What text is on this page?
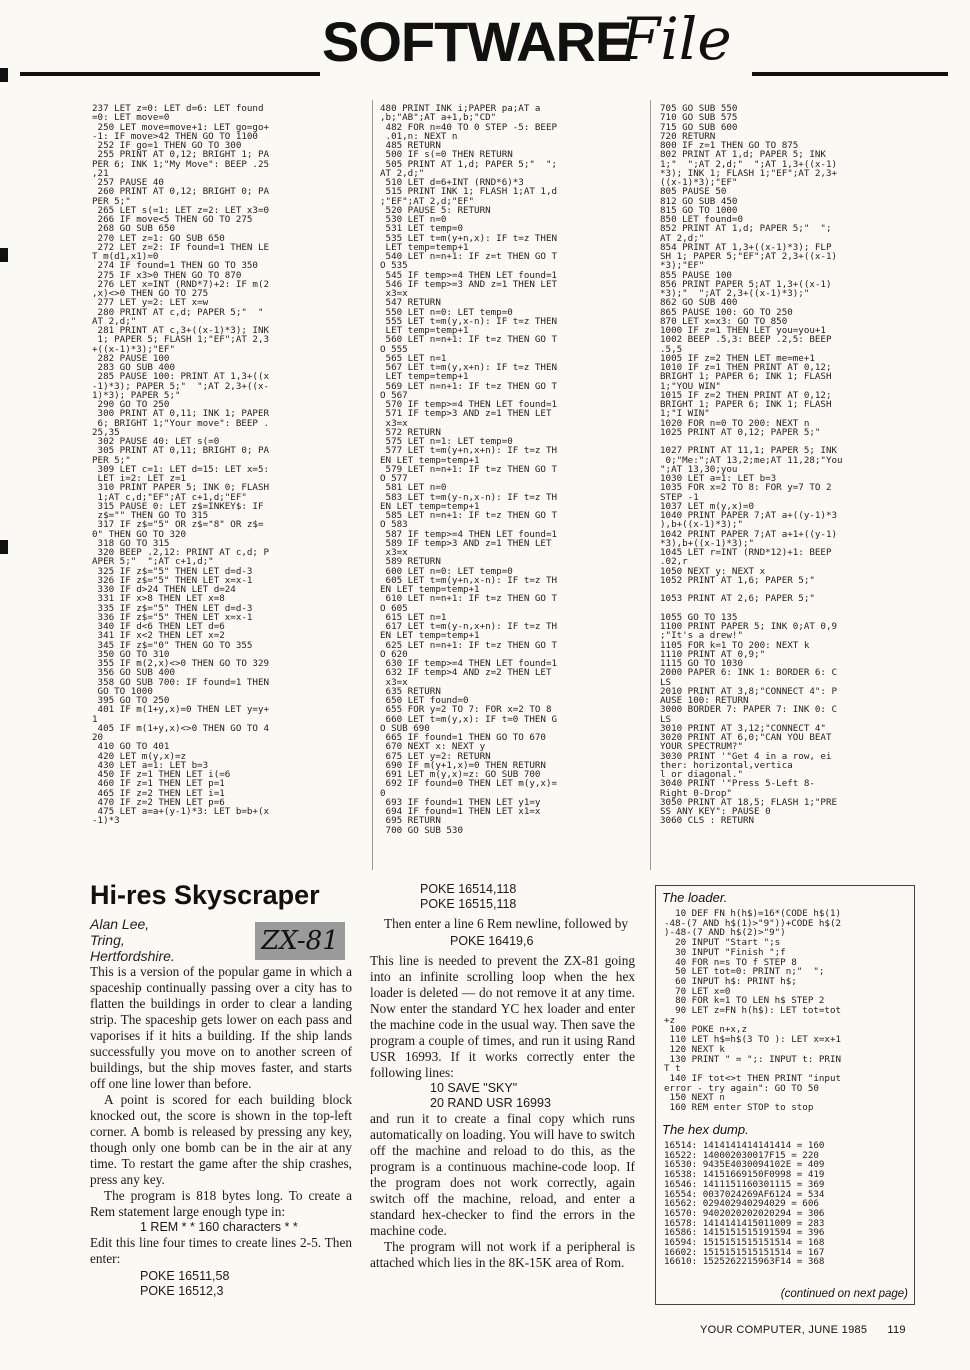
SOFTWARE
File
237 LET z=0: LET d=6: LET found
=0: LET move=0
250 LET move=move+1: LET go=go+
-1: IF move>42 THEN GO TO 1100
252 IF go=1 THEN GO TO 300
255 PRINT AT 0,12; BRIGHT 1; PA
PER 6; INK 1;"My Move": BEEP .25
,21
257 PAUSE 40
260 PRINT AT 0,12; BRIGHT 0; PA
PER 5;"
265 LET s(=1: LET z=2: LET x3=0
266 IF move<5 THEN GO TO 275
268 GO SUB 650
270 LET z=1: GO SUB 650
272 LET z=2: IF found=1 THEN LE
T m(d1,x1)=0
274 IF found=1 THEN GO TO 350
275 IF x3>0 THEN GO TO 870
276 LET x=INT (RND*7)+2: IF m(2
,x)<>0 THEN GO TO 275
277 LET y=2: LET x=w
280 PRINT AT c,d; PAPER 5;"  "
AT 2,d;"
281 PRINT AT c,3+((x-1)*3); INK
1; PAPER 5; FLASH 1;"EF";AT 2,3
+((x-1)*3);"EF"
282 PAUSE 100
283 GO SUB 400
285 PAUSE 100: PRINT AT 1,3+((x
-1)*3); PAPER 5;"  ";AT 2,3+((x-
1)*3); PAPER 5;"
290 GO TO 250
300 PRINT AT 0,11; INK 1; PAPER
6; BRIGHT 1;"Your move": BEEP .
25,35
302 PAUSE 40: LET s(=0
305 PRINT AT 0,11; BRIGHT 0; PA
PER 5;"
309 LET c=1: LET d=15: LET x=5:
LET i=2: LET z=1
310 PRINT PAPER 5; INK 0; FLASH
1;AT c,d;"EF";AT c+1,d;"EF"
315 PAUSE 0: LET z$=INKEY$: IF
z$="" THEN GO TO 315
317 IF z$="5" OR z$="8" OR z$=
0" THEN GO TO 320
318 GO TO 315
320 BEEP .2,12: PRINT AT c,d; P
APER 5;"  ";AT c+1,d;"
325 IF z$="5" THEN LET d=d-3
326 IF z$="5" THEN LET x=x-1
330 IF d>24 THEN LET d=24
331 IF x>8 THEN LET x=8
335 IF z$="5" THEN LET d=d-3
336 IF z$="5" THEN LET x=x-1
340 IF d<6 THEN LET d=6
341 IF x<2 THEN LET x=2
345 IF z$="0" THEN GO TO 355
350 GO TO 310
355 IF m(2,x)<>0 THEN GO TO 329
356 GO SUB 400
358 GO SUB 700: IF found=1 THEN
GO TO 1000
395 GO TO 250
401 IF m(1+y,x)=0 THEN LET y=y+
1
405 IF m(1+y,x)<>0 THEN GO TO 4
20
410 GO TO 401
420 LET m(y,x)=z
430 LET a=1: LET b=3
450 IF z=1 THEN LET i(=6
460 IF z=1 THEN LET p=1
465 IF z=2 THEN LET i=1
470 IF z=2 THEN LET p=6
475 LET a=a+(y-1)*3: LET b=b+(x
-1)*3
480 PRINT INK i;PAPER pa;AT a
,b;"AB";AT a+1,b;"CD"
482 FOR n=40 TO 0 STEP -5: BEEP
.01,n: NEXT n
485 RETURN
500 IF s(=0 THEN RETURN
505 PRINT AT 1,d; PAPER 5;"  ";
AT 2,d;"
510 LET d=6+INT (RND*6)*3
515 PRINT INK 1; FLASH 1;AT 1,d
;"EF";AT 2,d;"EF"
520 PAUSE 5: RETURN
530 LET n=0
531 LET temp=0
535 LET t=m(y+n,x): IF t=z THEN
LET temp=temp+1
540 LET n=n+1: IF z=t THEN GO T
O 535
545 IF temp>=4 THEN LET found=1
546 IF temp>=3 AND z=1 THEN LET
x3=x
547 RETURN
550 LET n=0: LET temp=0
555 LET t=m(y,x-n): IF t=z THEN
LET temp=temp+1
560 LET n=n+1: IF t=z THEN GO T
O 555
565 LET n=1
567 LET t=m(y,x+n): IF t=z THEN
LET temp=temp+1
569 LET n=n+1: IF t=z THEN GO T
O 567
570 IF temp>=4 THEN LET found=1
571 IF temp>3 AND z=1 THEN LET
x3=x
572 RETURN
575 LET n=1: LET temp=0
577 LET t=m(y+n,x+n): IF t=z TH
EN LET temp=temp+1
579 LET n=n+1: IF t=z THEN GO T
O 577
581 LET n=0
583 LET t=m(y-n,x-n): IF t=z TH
EN LET temp=temp+1
585 LET n=n+1: IF t=z THEN GO T
O 583
587 IF temp>=4 THEN LET found=1
589 IF temp>3 AND z=1 THEN LET
x3=x
589 RETURN
600 LET n=0: LET temp=0
605 LET t=m(y+n,x-n): IF t=z TH
EN LET temp=temp+1
610 LET n=n+1: IF t=z THEN GO T
O 605
615 LET n=1
617 LET t=m(y-n,x+n): IF t=z TH
EN LET temp=temp+1
625 LET n=n+1: IF t=z THEN GO T
O 620
630 IF temp>=4 THEN LET found=1
632 IF temp>4 AND z=2 THEN LET
x3=x
635 RETURN
650 LET found=0
655 FOR y=2 TO 7: FOR x=2 TO 8
660 LET t=m(y,x): IF t=0 THEN G
O SUB 690
665 IF found=1 THEN GO TO 670
670 NEXT x: NEXT y
675 LET y=2: RETURN
690 IF m(y+1,x)=0 THEN RETURN
691 LET m(y,x)=z: GO SUB 700
692 IF found=0 THEN LET m(y,x)=
0
693 IF found=1 THEN LET y1=y
694 IF found=1 THEN LET x1=x
695 RETURN
700 GO SUB 530
705 GO SUB 550
710 GO SUB 575
715 GO SUB 600
720 RETURN
800 IF z=1 THEN GO TO 875
802 PRINT AT 1,d; PAPER 5; INK
1;"  ";AT 2,d;"  ";AT 1,3+((x-1)
*3); INK 1; FLASH 1;"EF";AT 2,3+
((x-1)*3);"EF"
805 PAUSE 50
812 GO SUB 450
815 GO TO 1000
850 LET found=0
852 PRINT AT 1,d; PAPER 5;"  ";
AT 2,d;"
854 PRINT AT 1,3+((x-1)*3); FLP
SH 1; PAPER 5;"EF";AT 2,3+((x-1)
*3);"EF"
855 PAUSE 100
856 PRINT PAPER 5;AT 1,3+((x-1)
*3);"  ";AT 2,3+((x-1)*3);"
862 GO SUB 400
865 PAUSE 100: GO TO 250
870 LET x=x3: GO TO 850
1000 IF z=1 THEN LET you=you+1
1002 BEEP .5,3: BEEP .2,5: BEEP
.5,5
1005 IF z=2 THEN LET me=me+1
1010 IF z=1 THEN PRINT AT 0,12;
BRIGHT 1; PAPER 6; INK 1; FLASH
1;"YOU WIN"
1015 IF z=2 THEN PRINT AT 0,12;
BRIGHT 1; PAPER 6; INK 1; FLASH
1;"I WIN"
1020 FOR n=0 TO 200: NEXT n
1025 PRINT AT 0,12; PAPER 5;"

1027 PRINT AT 11,1; PAPER 5; INK
0;"Me:";AT 13,2;me;AT 11,28;"You
";AT 13,30;you
1030 LET a=1: LET b=3
1035 FOR x=2 TO 8: FOR y=7 TO 2
STEP -1
1037 LET m(y,x)=0
1040 PRINT PAPER 7;AT a+((y-1)*3
),b+((x-1)*3);"
1042 PRINT PAPER 7;AT a+1+((y-1)
*3),b+((x-1)*3);"
1045 LET r=INT (RND*12)+1: BEEP
.02,r
1050 NEXT y: NEXT x
1052 PRINT AT 1,6; PAPER 5;"

1053 PRINT AT 2,6; PAPER 5;"

1055 GO TO 135
1100 PRINT PAPER 5; INK 0;AT 0,9
;"It's a drew!"
1105 FOR k=1 TO 200: NEXT k
1110 PRINT AT 0,9;"
1115 GO TO 1030
2000 PAPER 6: INK 1: BORDER 6: C
LS
2010 PRINT AT 3,8;"CONNECT 4": P
AUSE 100: RETURN
3000 BORDER 7: PAPER 7: INK 0: C
LS
3010 PRINT AT 3,12;"CONNECT 4"
3020 PRINT AT 6,0;"CAN YOU BEAT
YOUR SPECTRUM?"
3030 PRINT '"Get 4 in a row, ei
ther: horizontal,vertica
l or diagonal."
3040 PRINT '"Press 5-Left 8-
Right 0-Drop"
3050 PRINT AT 18,5; FLASH 1;"PRE
SS ANY KEY": PAUSE 0
3060 CLS : RETURN
Hi-res Skyscraper
Alan Lee,
Tring,
Hertfordshire.	ZX-81

This is a version of the popular game in which a spaceship continually passing over a city has to flatten the buildings in order to clear a landing strip. The spaceship gets lower on each pass and vaporises if it hits a building. If the ship lands successfully you move on to another screen of buildings, but the ship moves faster, and starts off one line lower than before.

A point is scored for each building block knocked out, the score is shown in the top-left corner. A bomb is released by pressing any key, though only one bomb can be in the air at any time. To restart the game after the ship crashes, press any key.

The program is 818 bytes long. To create a Rem statement large enough type in:

1 REM * * 160 characters * *

Edit this line four times to create lines 2-5. Then enter:

POKE 16511,58
POKE 16512,3
POKE 16514,118
POKE 16515,118

Then enter a line 6 Rem newline, followed by

POKE 16419,6

This line is needed to prevent the ZX-81 going into an infinite scrolling loop when the hex loader is deleted — do not remove it at any time. Now enter the standard YC hex loader and enter the machine code in the usual way. Then save the program a couple of times, and run it using Rand USR 16993. If it works correctly enter the following lines:

10 SAVE "SKY"
20 RAND USR 16993

and run it to create a final copy which runs automatically on loading. You will have to switch off the machine and reload to do this, as the program is a continuous machine-code loop. If the program does not work correctly, again switch off the machine, reload, and enter a standard hex-checker to find the errors in the machine code.

The program will not work if a peripheral is attached which lies in the 8K-15K area of Rom.

The loader.
10 DEF FN h(h$)=16*(CODE h$(1)
-48-(7 AND h$(1)>"9"))+CODE h$(2
)-48-(7 AND h$(2)>"9")
20 INPUT "Start ";s
30 INPUT "Finish ";f
40 FOR n=s TO f STEP 8
50 LET tot=0: PRINT n;"  ";
60 INPUT h$: PRINT h$;
70 LET x=0
80 FOR k=1 TO LEN h$ STEP 2
90 LET z=FN h(h$): LET tot=tot
+z
100 POKE n+x,z
110 LET h$=h$(3 TO ): LET x=x+1
120 NEXT k
130 PRINT " = ";: INPUT t: PRIN
T t
140 IF tot<>t THEN PRINT "input
error - try again": GO TO 50
150 NEXT n
160 REM enter STOP to stop
The hex dump.
16514: 1414141414141414 = 160
16522: 140002030017F15 = 220
16530: 9435E4030094102E = 409
16538: 14151669150F0998 = 419
16546: 1411151160301115 = 369
16554: 0037024269AF6124 = 534
16562: 029402940294029 = 606
16570: 9402020202020294 = 306
16578: 1414141415011009 = 283
16586: 1415151515191594 = 396
16594: 1515151515151514 = 168
16602: 1515151515151514 = 167
16610: 1525262215963F14 = 368
(continued on next page)
YOUR COMPUTER, JUNE 1985 119
